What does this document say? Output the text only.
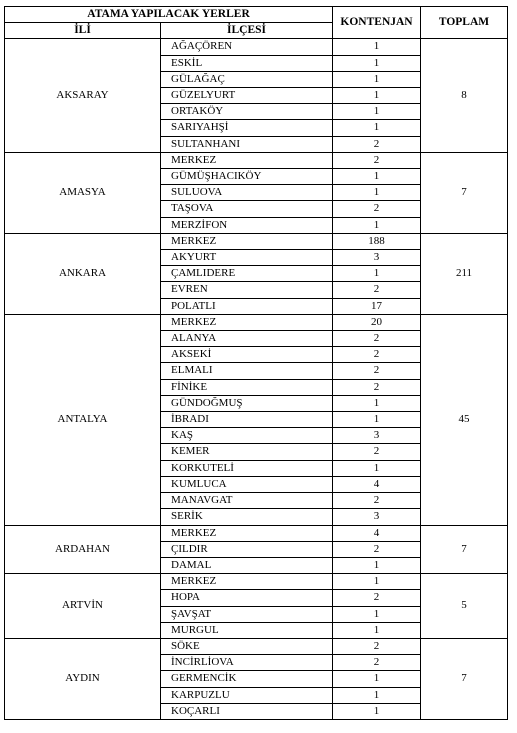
ATAMA YAPILACAK YERLER		KONTENJAN	TOPLAM
İLİ	İLÇESİ		
AKSARAY	AĞAÇÖREN	1	8
	ESKİL	1	
	GÜLAĞAÇ	1	
	GÜZELYURT	1	
	ORTAKÖY	1	
	SARIYAHŞİ	1	
	SULTANHANI	2	
AMASYA	MERKEZ	2	7
	GÜMÜŞHACIKÖY	1	
	SULUOVA	1	
	TAŞOVA	2	
	MERZİFON	1	
ANKARA	MERKEZ	188	211
	AKYURT	3	
	ÇAMLIDERE	1	
	EVREN	2	
	POLATLI	17	
ANTALYA	MERKEZ	20	45
	ALANYA	2	
	AKSEKİ	2	
	ELMALI	2	
	FİNİKE	2	
	GÜNDOĞMUŞ	1	
	İBRADI	1	
	KAŞ	3	
	KEMER	2	
	KORKUTELİ	1	
	KUMLUCA	4	
	MANAVGAT	2	
	SERİK	3	
ARDAHAN	MERKEZ	4	7
	ÇILDIR	2	
	DAMAL	1	
ARTVİN	MERKEZ	1	5
	HOPA	2	
	ŞAVŞAT	1	
	MURGUL	1	
AYDIN	SÖKE	2	7
	İNCİRLİOVA	2	
	GERMENCİK	1	
	KARPUZLU	1	
	KOÇARLI	1	
